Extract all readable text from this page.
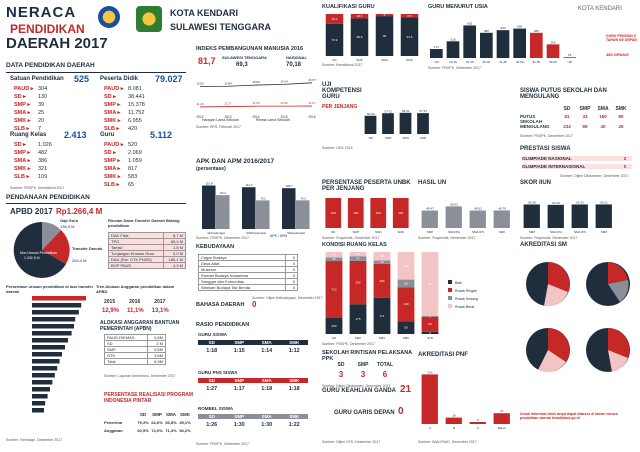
NERACA
PENDIDIKAN
DAERAH 2017
KOTA KENDARI
SULAWESI TENGGARA
DATA PENDIDIKAN DAERAH
Satuan Pendidikan 525
PAUD ▸ 304
SD ▸ 130
SMP ▸ 39
SMA ▸ 25
SMK ▸ 20
SLB ▸ 7
Peserta Didik 79.027
PAUD ▸ 8.081
SD ▸ 38.441
SMP ▸ 15.378
SMA ▸ 11.752
SMK ▸ 6.955
SLB ▸ 420
Ruang Kelas 2.413
SD ▸ 1.026
SMP ▸ 482
SMA ▸ 386
SMK ▸ 321
SLB ▸ 109
Guru	5.112
PAUD ▸ 520
SD ▸ 2.069
SMP ▸ 1.059
SMA ▸ 817
SMK ▸ 583
SLB ▸ 65
Sumber: PDSPK, Kemdikbud 2017
PENDANAAN PENDIDIKAN
APBD 2017 Rp1.266,4 M
Non Urusan Pendidikan
1.032,5 M
Gaji Guru
136,9 M
Transfer Daerah
264,4 M
Rincian Dana Transfer Daerah Bidang pendidikan
DAK Fisik	8,7 M
TPG	65,4 M
Tamsil	1,8 M
Tunjangan Khusus Guru	0,0 M
DAU (Est. GTK PNSD)	180,1 M
BOP PAUD	4,3 M
Persentase urusan pendidikan di luar transfer daerah
Tren Alokasi Anggaran pendidikan dalam APBD
2015	2016	2017
12,9% 11,1% 13,1%
ALOKASI ANGGARAN BANTUAN PEMERINTAH (APBN)
PAUD-DIKMAS	0,6M
SD	2 M
SMP	0,5M
GTK	3,6M
Total	6,9M
Sumber: Laporan Kemenkeu, Desember 2017
PERSENTASE REALISASI PROGRAM INDONESIA PINTAR
SD	SMP SMA SMK
Penerima	79,3% 64,6% 66,8% 45,1%
Anggaran	60,5% 74,0% 71,3% 54,2%
Sumber: Kemdagri, Desember 2017
INDEKS PEMBANGUNAN MANUSIA 2016
81,7 SULAWESI TENGGARA
69,3
NASIONAL
70,18
15.81	15.84	16.09	16.24	16.57
11.49	11.57	11.65	11.66	11.67
2012	2013	2014	2015	2016
Harapan Lama Sekolah	Rerata Lama Sekolah
Sumber: BPS, Februari 2017
APK DAN APM 2016/2017
(persentase)
115.8	111.3	108.7
90.2
76.2	76.3
SD/sederajat	SMP/sederajat	SM/sederajat
APK / APM
Sumber: PDSPK, Desember 2017
KEBUDAYAAN
Cagar Budaya	0
Desa Adat	0
Museum	0
Rumah Budaya Nusantara	0
Sanggar dan Komunitas	0
Warisan Budaya Tak Benda	0
Sumber: Ditjen Kebudayaan, Desember 2017
BAHASA DAERAH 0
RASIO PENDIDIKAN
GURU SISWA
SD	SMP	SMA	SMK
1:18	1:15	1:14	1:12
GURU PNS SISWA
SD	SMP	SMA	SMK
1:27	1:17	1:18	1:18
ROMBEL SISWA
SD	SMP	SMA	SMK
1:26	1:30	1:30	1:22
Sumber: PDSPK, Desember 2017
KUALIFIKASI GURU
76.9
23.1
SD
89.5
10.5
SMP
95
5
SMA
91.5
8.5
SMK
Sumber: Kemdikbud 2017
GURU MENURUT USIA	KOTA KENDARI
171
<26
318
26-30
620
31-35
480
36-40
530
41-45
560
46-50
480
51-55
260
56-60
15
>60
GURU PENSIUN 5 TAHUN KE DEPAN
480 ORANG
Sumber: PDSPK, Desember 2017
UJI KOMPETENSI GURU
PER JENJANG
50.66
57.62	58.91	57.97
SD	SMP	SMA	SMK
Sumber: UKG 2015
SISWA PUTUS SEKOLAH DAN MENGULANG
SD	SMP	SMA	SMK
PUTUS SEKOLAH
61	33	150	80
MENGULANG	234	89	40	26
Sumber: PDSPK, Desember 2017
PRESTASI SISWA
OLIMPIADE NASIONAL	2
OLIMPIADE INTERNASIONAL	0
Sumber: Ditjen Dikdasmen, Desember 2017
PERSENTASE PESERTA UNBK PER JENJANG
100
SD
100
SMP
100
SMA
100
SMK
Sumber: Puspendik, Desember 2017
HASIL UN
48.47
60.03
48.52	48.79
SMP	SMA IPA	SMA IPS	SMK
Sumber: Puspendik, Desember 2017
SKOR IIUN
65.38	64.33	65.33	65.51
SMP	SMA IPA	SMA IPS	SMK
Sumber: Puspendik, Desember 2017
KONDISI RUANG KELAS
200
713
45
68
SD
175
255
27
25
SMP
171
159
16
40
SMA
50
133
30
108
SMK
3
20
1
85
SLB
Baik
Rusak Ringan
Rusak Sedang
Rusak Berat
Sumber: PDSPK, Desember 2017
AKREDITASI SM
SEKOLAH RINTISAN PELAKSANA PPK
SD	SMP	TOTAL
3	3	6
Sumber: Ditjen Dikdasmen, Desember 2017
GURU KEAHLIAN GANDA 21
GURU GARIS DEPAN 0
Sumber: Ditjen GTK, Desember 2017
AKREDITASI PNF
124
16
5
27
A	B	C	Belum
Sumber: BAN PAUD, Desember 2017
Untuk informasi lebih lanjut dapat diakses di laman neraca pendidikan daerah kemdikbud.go.id
